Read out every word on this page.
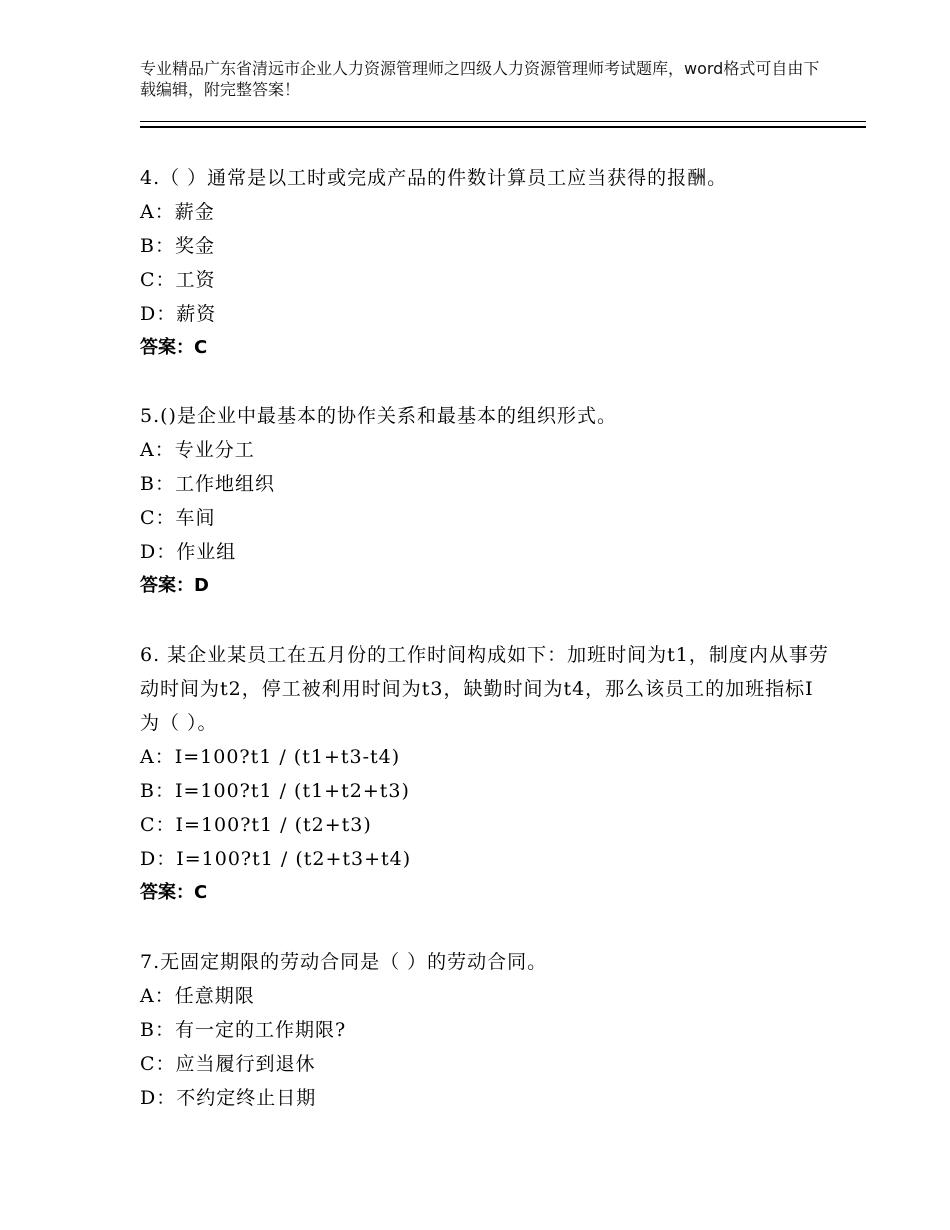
专业精品广东省清远市企业人力资源管理师之四级人力资源管理师考试题库，word格式可自由下载编辑，附完整答案！

4.（ ）通常是以工时或完成产品的件数计算员工应当获得的报酬。

A：薪金

B：奖金

C：工资

D：薪资

答案：C

5.()是企业中最基本的协作关系和最基本的组织形式。

A：专业分工

B：工作地组织

C：车间

D：作业组

答案：D

6. 某企业某员工在五月份的工作时间构成如下：加班时间为t1，制度内从事劳动时间为t2，停工被利用时间为t3，缺勤时间为t4，那么该员工的加班指标Ⅰ为（ ）。

A：I=100?t1 / (t1+t3-t4)

B：I=100?t1 / (t1+t2+t3)

C：I=100?t1 / (t2+t3)

D：I=100?t1 / (t2+t3+t4)

答案：C

7.无固定期限的劳动合同是（ ）的劳动合同。

A：任意期限

B：有一定的工作期限?

C：应当履行到退休

D：不约定终止日期
